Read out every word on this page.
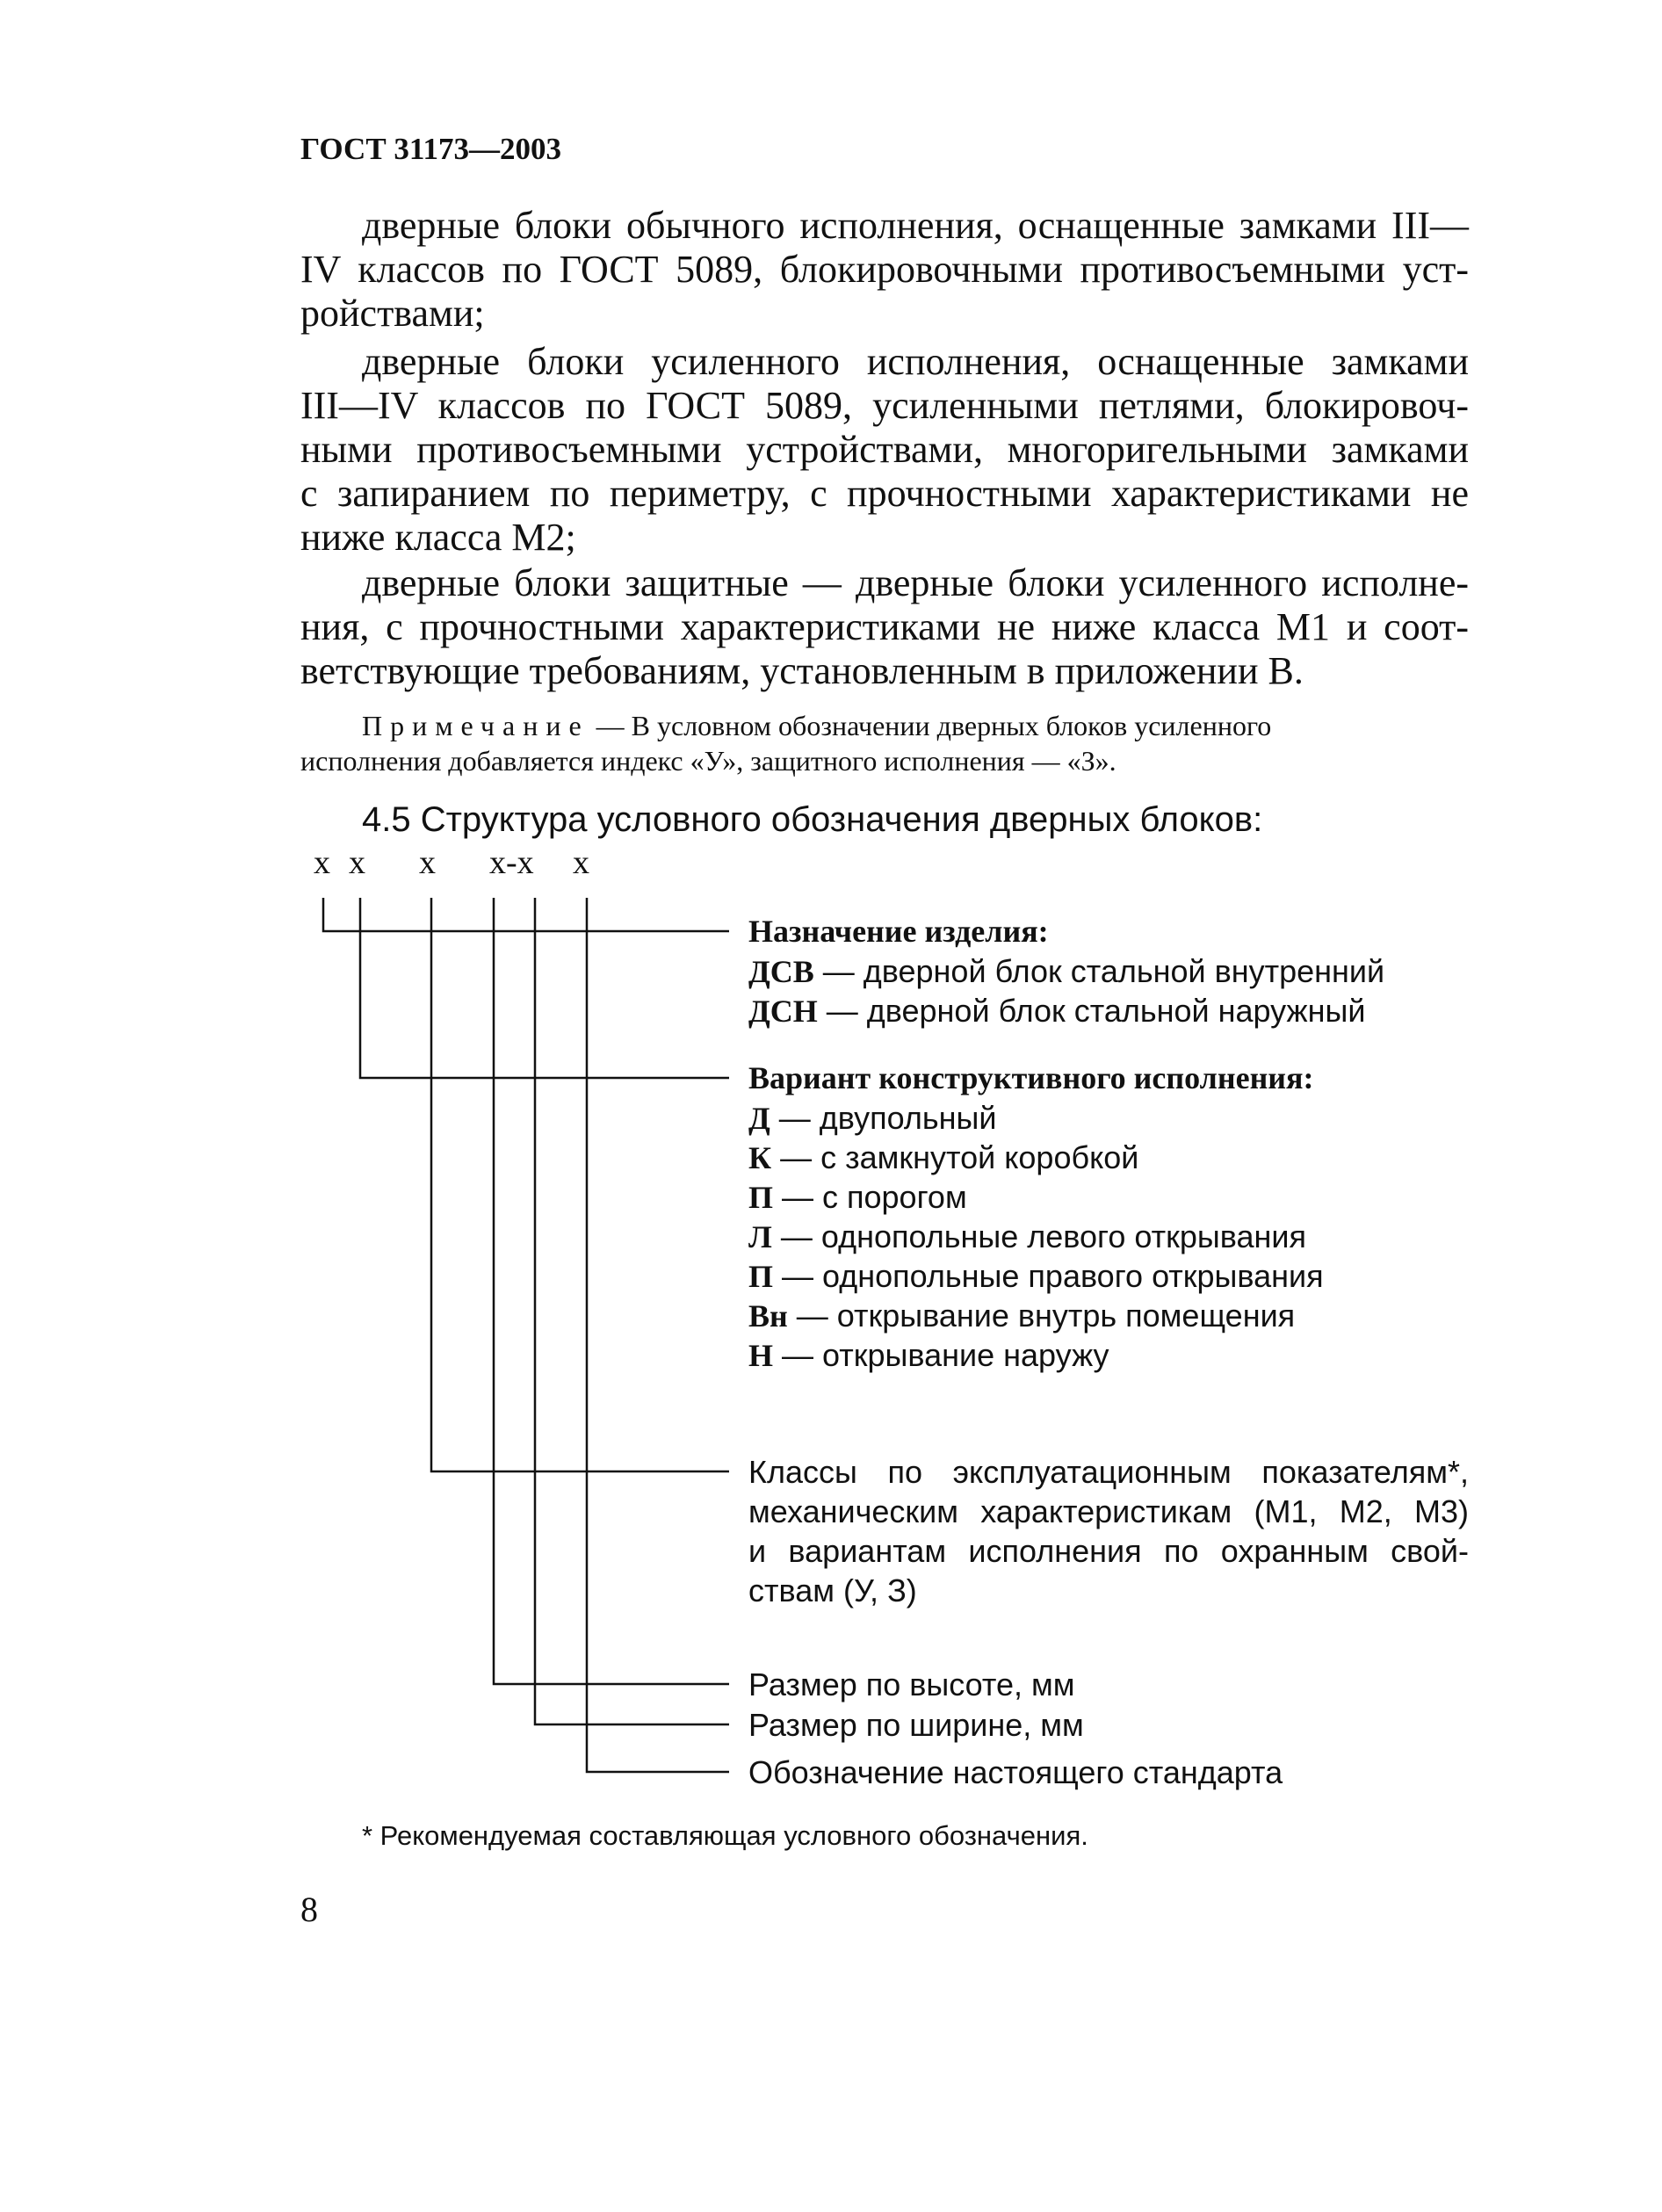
ГОСТ 31173—2003
дверные блоки обычного исполнения, оснащенные замками III—
IV классов по ГОСТ 5089, блокировочными противосъемными уст-
ройствами;
дверные блоки усиленного исполнения, оснащенные замками
III—IV классов по ГОСТ 5089, усиленными петлями, блокировоч-
ными противосъемными устройствами, многоригельными замками
с запиранием по периметру, с прочностными характеристиками не
ниже класса М2;
дверные блоки защитные — дверные блоки усиленного исполне-
ния, с прочностными характеристиками не ниже класса М1 и соот-
ветствующие требованиям, установленным в приложении В.
Примечание — В условном обозначении дверных блоков усиленного
исполнения добавляется индекс «У», защитного исполнения — «З».
4.5 Структура условного обозначения дверных блоков:
х х х х-х х
Назначение изделия:
ДСВ — дверной блок стальной внутренний
ДСН — дверной блок стальной наружный
Вариант конструктивного исполнения:
Д — двупольный
К — с замкнутой коробкой
П — с порогом
Л — однопольные левого открывания
П — однопольные правого открывания
Вн — открывание внутрь помещения
Н — открывание наружу
Классы по эксплуатационным показателям*,
механическим характеристикам (М1, М2, М3)
и вариантам исполнения по охранным свой-
ствам (У, З)
Размер по высоте, мм
Размер по ширине, мм
Обозначение настоящего стандарта
* Рекомендуемая составляющая условного обозначения.
8
